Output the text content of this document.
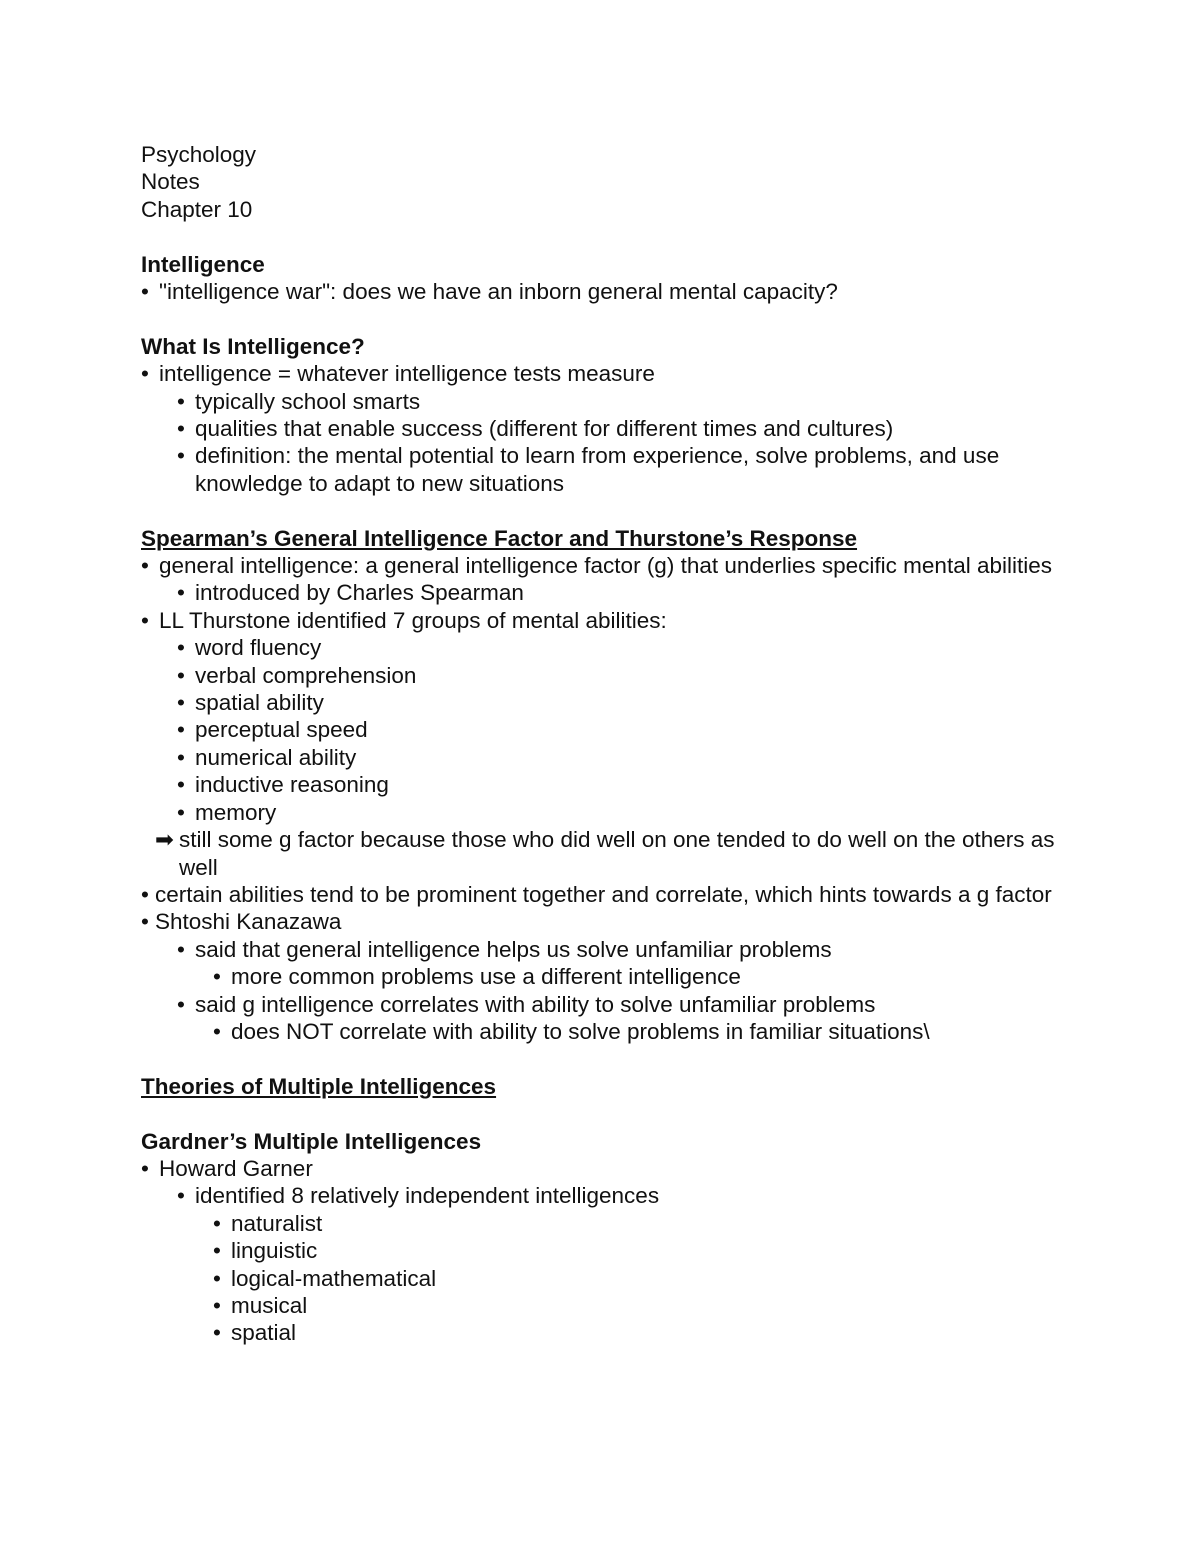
Psychology
Notes
Chapter 10
Intelligence
• "intelligence war": does we have an inborn general mental capacity?
What Is Intelligence?
• intelligence = whatever intelligence tests measure
• typically school smarts
• qualities that enable success (different for different times and cultures)
• definition: the mental potential to learn from experience, solve problems, and use knowledge to adapt to new situations
Spearman’s General Intelligence Factor and Thurstone’s Response
• general intelligence: a general intelligence factor (g) that underlies specific mental abilities
• introduced by Charles Spearman
• LL Thurstone identified 7 groups of mental abilities:
• word fluency
• verbal comprehension
• spatial ability
• perceptual speed
• numerical ability
• inductive reasoning
• memory
➡ still some g factor because those who did well on one tended to do well on the others as well
• certain abilities tend to be prominent together and correlate, which hints towards a g factor
• Shtoshi Kanazawa
• said that general intelligence helps us solve unfamiliar problems
• more common problems use a different intelligence
• said g intelligence correlates with ability to solve unfamiliar problems
• does NOT correlate with ability to solve problems in familiar situations\
Theories of Multiple Intelligences
Gardner’s Multiple Intelligences
• Howard Garner
• identified 8 relatively independent intelligences
• naturalist
• linguistic
• logical-mathematical
• musical
• spatial
